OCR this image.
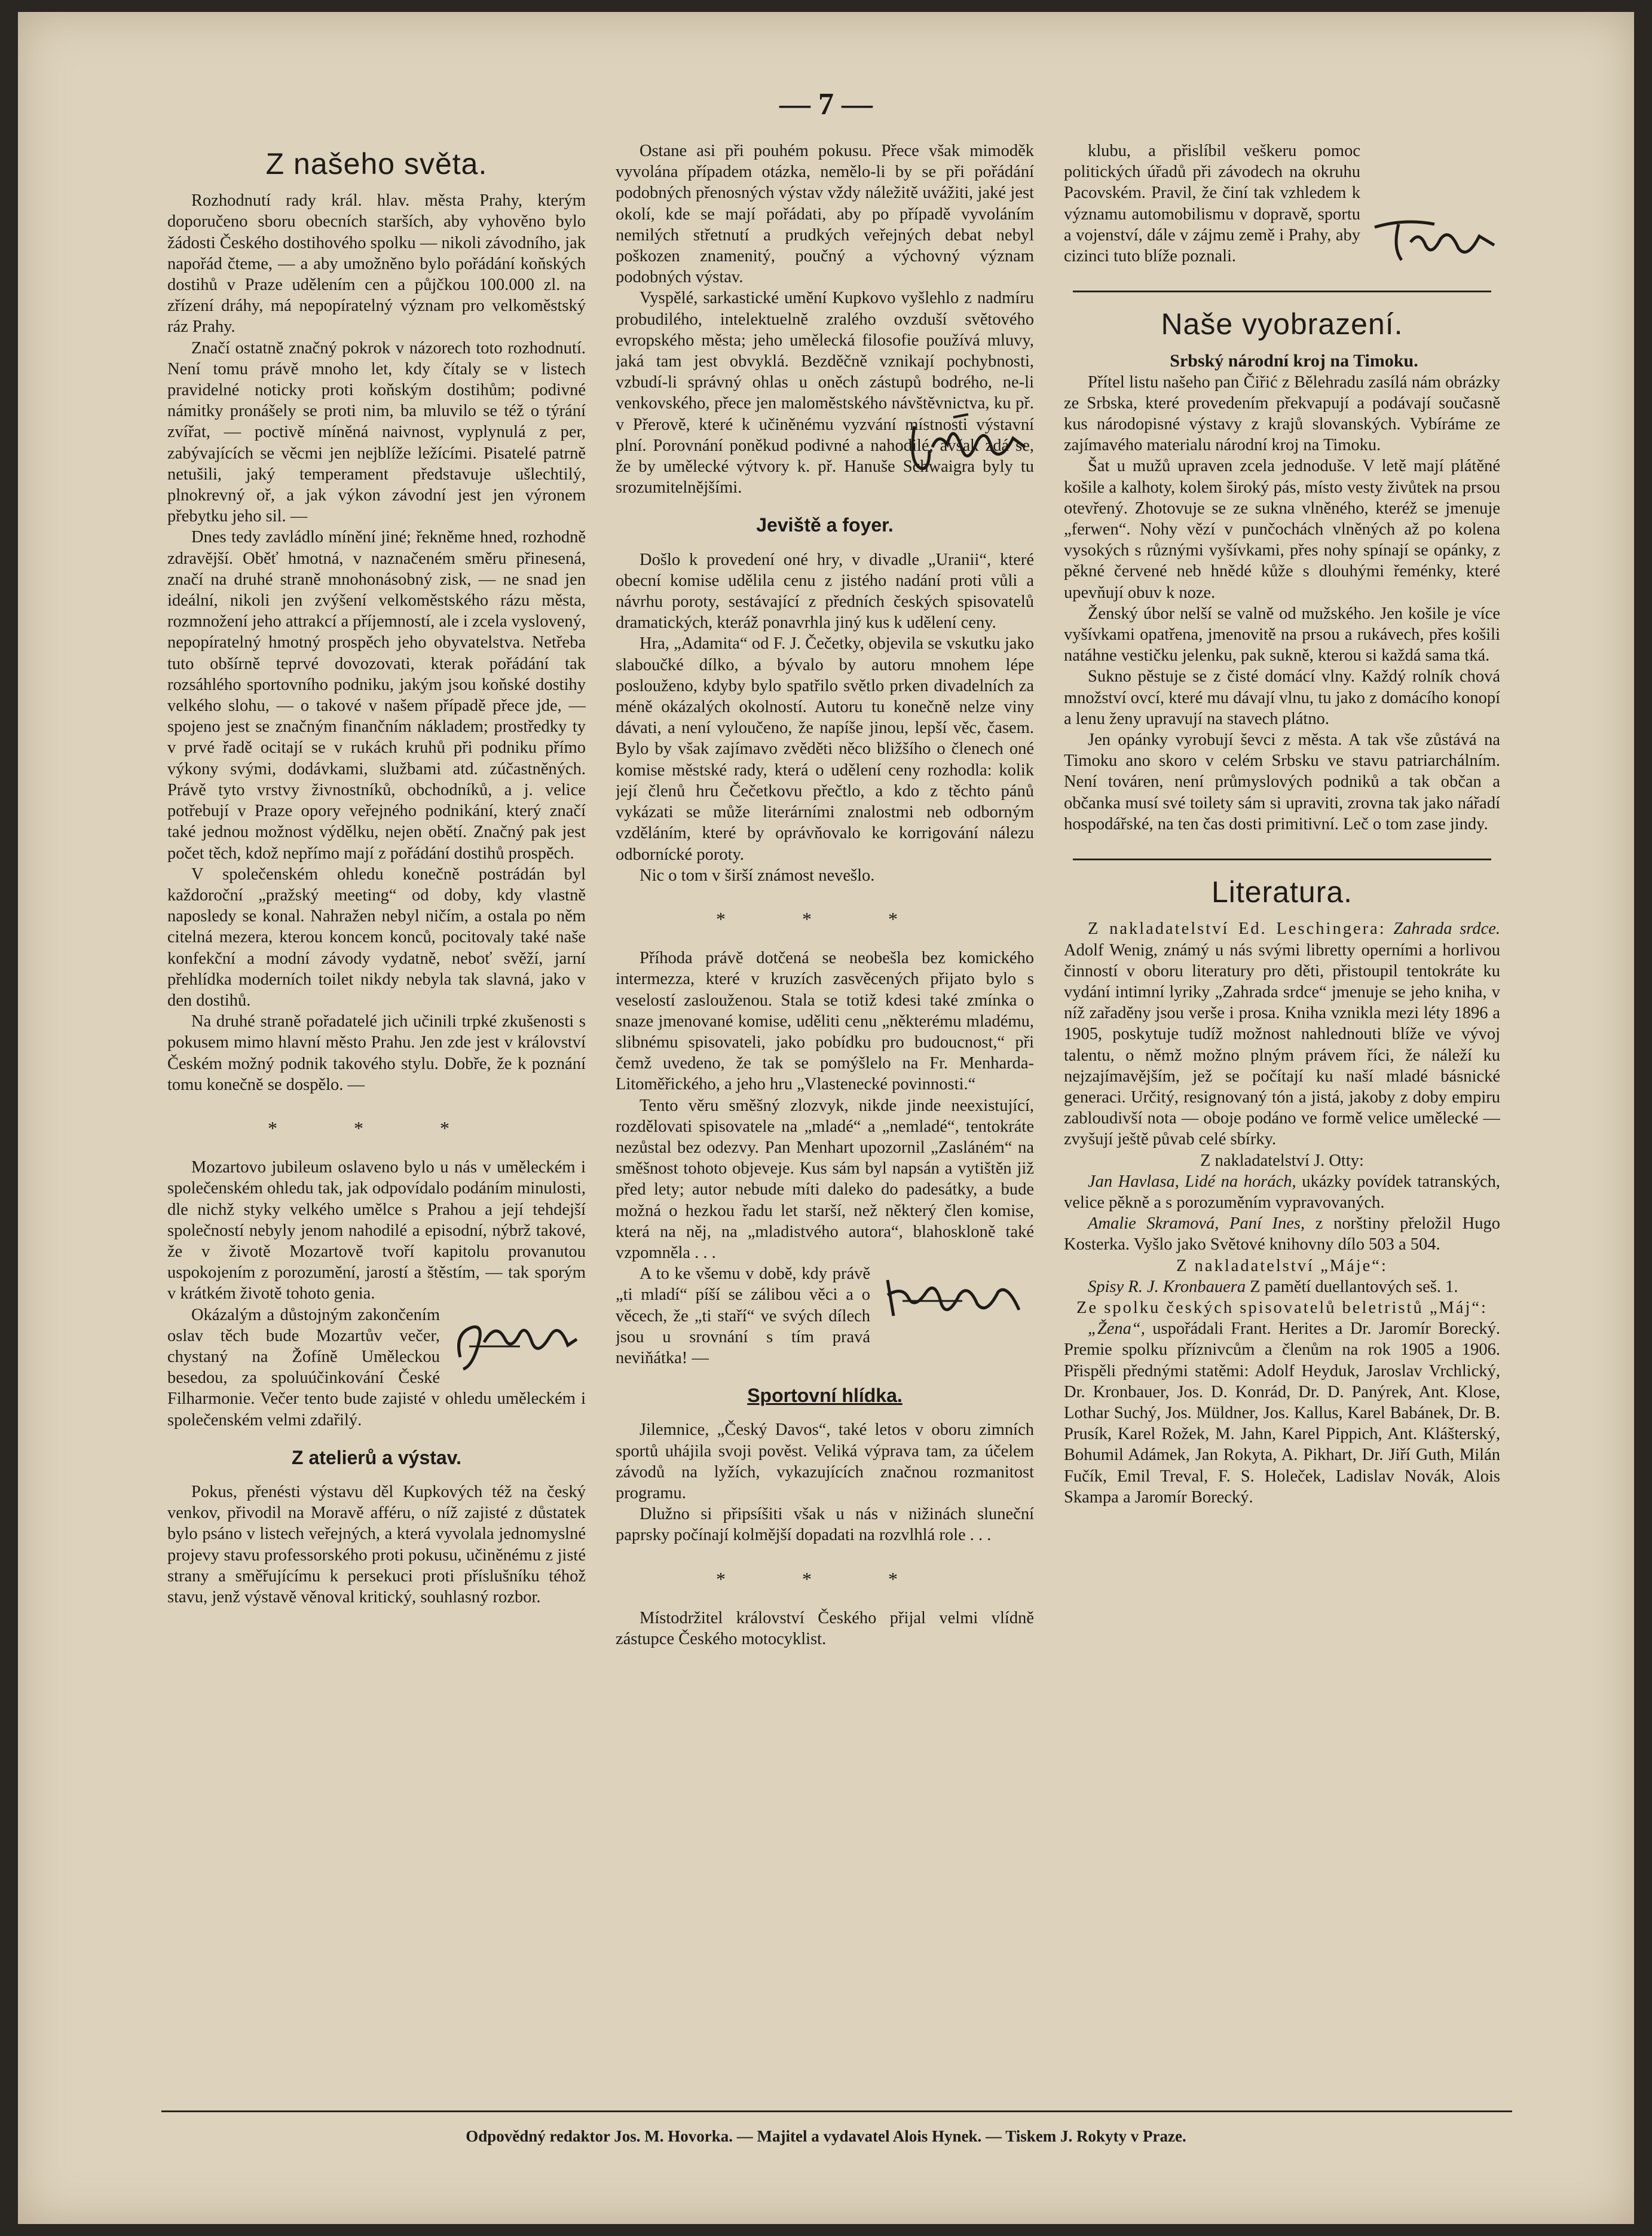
— 7 —
Z našeho světa.

Rozhodnutí rady král. hlav. města Prahy, kterým doporučeno sboru obecních starších, aby vyhověno bylo žádosti Českého dostihového spolku — nikoli závodního, jak napořád čteme, — a aby umožněno bylo pořádání koňských dostihů v Praze udělením cen a půjčkou 100.000 zl. na zřízení dráhy, má nepopíratelný význam pro velkoměstský ráz Prahy.

Značí ostatně značný pokrok v názorech toto rozhodnutí. Není tomu právě mnoho let, kdy čítaly se v listech pravidelné noticky proti koňským dostihům; podivné námitky pronášely se proti nim, ba mluvilo se též o týrání zvířat, — poctivě míněná naivnost, vyplynulá z per, zabývajících se věcmi jen nejblíže ležícími. Pisatelé patrně netušili, jaký temperament představuje ušlechtilý, plnokrevný oř, a jak výkon závodní jest jen výronem přebytku jeho sil. —

Dnes tedy zavládlo mínění jiné; řekněme hned, rozhodně zdravější. Oběť hmotná, v naznačeném směru přinesená, značí na druhé straně mnohonásobný zisk, — ne snad jen ideální, nikoli jen zvýšení velkoměstského rázu města, rozmnožení jeho attrakcí a příjemností, ale i zcela vyslovený, nepopíratelný hmotný prospěch jeho obyvatelstva. Netřeba tuto obšírně teprvé dovozovati, kterak pořádání tak rozsáhlého sportovního podniku, jakým jsou koňské dostihy velkého slohu, — o takové v našem případě přece jde, — spojeno jest se značným finančním nákladem; prostředky ty v prvé řadě ocitají se v rukách kruhů při podniku přímo výkony svými, dodávkami, službami atd. zúčastněných. Právě tyto vrstvy živnostníků, obchodníků, a j. velice potřebují v Praze opory veřejného podnikání, který značí také jednou možnost výdělku, nejen obětí. Značný pak jest počet těch, kdož nepřímo mají z pořádání dostihů prospěch.

V společenském ohledu konečně postrádán byl každoroční „pražský meeting“ od doby, kdy vlastně naposledy se konal. Nahražen nebyl ničím, a ostala po něm citelná mezera, kterou koncem konců, pocitovaly také naše konfekční a modní závody vydatně, neboť svěží, jarní přehlídka moderních toilet nikdy nebyla tak slavná, jako v den dostihů.

Na druhé straně pořadatelé jich učinili trpké zkušenosti s pokusem mimo hlavní město Prahu. Jen zde jest v království Českém možný podnik takového stylu. Dobře, že k poznání tomu konečně se dospělo. —

* * *

Mozartovo jubileum oslaveno bylo u nás v uměleckém i společenském ohledu tak, jak odpovídalo podáním minulosti, dle nichž styky velkého umělce s Prahou a její tehdejší společností nebyly jenom nahodilé a episodní, nýbrž takové, že v životě Mozartově tvoří kapitolu provanutou uspokojením z porozumění, jarostí a štěstím, — tak sporým v krátkém životě tohoto genia.

Okázalým a důstojným zakončením oslav těch bude Mozartův večer, chystaný na Žofíně Uměleckou besedou, za spoluúčinkování České Filharmonie. Večer tento bude zajisté v ohledu uměleckém i společenském velmi zdařilý.

Z atelierů a výstav.

Pokus, přenésti výstavu děl Kupkových též na český venkov, přivodil na Moravě afféru, o níž zajisté z důstatek bylo psáno v listech veřejných, a která vyvolala jednomyslné projevy stavu professorského proti pokusu, učiněnému z jisté strany a směřujícímu k persekuci proti příslušníku téhož stavu, jenž výstavě věnoval kritický, souhlasný rozbor.

Ostane asi při pouhém pokusu. Přece však mimoděk vyvolána případem otázka, nemělo-li by se při pořádání podobných přenosných výstav vždy náležitě uvážiti, jaké jest okolí, kde se mají pořádati, aby po případě vyvoláním nemilých střetnutí a prudkých veřejných debat nebyl poškozen znamenitý, poučný a výchovný význam podobných výstav.

Vyspělé, sarkastické umění Kupkovo vyšlehlo z nadmíru probudilého, intelektuelně zralého ovzduší světového evropského města; jeho umělecká filosofie používá mluvy, jaká tam jest obvyklá. Bezděčně vznikají pochybnosti, vzbudí-li správný ohlas u oněch zástupů bodrého, ne-li venkovského, přece jen maloměstského návštěvnictva, ku př. v Přerově, které k učiněnému vyzvání místnosti výstavní plní. Porovnání poněkud podivné a nahodilé, avšak zdá se, že by umělecké výtvory k. př. Hanuše Schwaigra byly tu srozumitelnějšími.

Jeviště a foyer.

Došlo k provedení oné hry, v divadle „Uranii“, které obecní komise udělila cenu z jistého nadání proti vůli a návrhu poroty, sestávající z předních českých spisovatelů dramatických, kteráž ponavrhla jiný kus k udělení ceny.

Hra, „Adamita“ od F. J. Čečetky, objevila se vskutku jako slaboučké dílko, a bývalo by autoru mnohem lépe poslouženo, kdyby bylo spatřilo světlo prken divadelních za méně okázalých okolností. Autoru tu konečně nelze viny dávati, a není vyloučeno, že napíše jinou, lepší věc, časem. Bylo by však zajímavo zvěděti něco bližšího o členech oné komise městské rady, která o udělení ceny rozhodla: kolik její členů hru Čečetkovu přečtlo, a kdo z těchto pánů vykázati se může literárními znalostmi neb odborným vzděláním, které by oprávňovalo ke korrigování nálezu odbornícké poroty.

Nic o tom v širší známost nevešlo.

* * *

Příhoda právě dotčená se neobešla bez komického intermezza, které v kruzích zasvěcených přijato bylo s veselostí zaslouženou. Stala se totiž kdesi také zmínka o snaze jmenované komise, uděliti cenu „některému mladému, slibnému spisovateli, jako pobídku pro budoucnost,“ při čemž uvedeno, že tak se pomýšlelo na Fr. Menharda-Litoměřického, a jeho hru „Vlastenecké povinnosti.“

Tento věru směšný zlozvyk, nikde jinde neexistující, rozdělovati spisovatele na „mladé“ a „nemladé“, tentokráte nezůstal bez odezvy. Pan Menhart upozornil „Zasláném“ na směšnost tohoto objeveje. Kus sám byl napsán a vytištěn již před lety; autor nebude míti daleko do padesátky, a bude možná o hezkou řadu let starší, než některý člen komise, která na něj, na „mladistvého autora“, blahoskloně také vzpomněla . . .

A to ke všemu v době, kdy právě „ti mladí“ píší se zálibou věci a o věcech, že „ti staří“ ve svých dílech jsou u srovnání s tím pravá neviňátka! —

Sportovní hlídka.

Jilemnice, „Český Davos“, také letos v oboru zimních sportů uhájila svoji pověst. Veliká výprava tam, za účelem závodů na lyžích, vykazujících značnou rozmanitost programu.

Dlužno si připsíšiti však u nás v nižinách sluneční paprsky počínají kolmější dopadati na rozvlhlá role . . .

* * *

Místodržitel království Českého přijal velmi vlídně zástupce Českého motocyklist.

klubu, a přislíbil veškeru pomoc politických úřadů při závodech na okruhu Pacovském. Pravil, že činí tak vzhledem k významu automobilismu v dopravě, sportu a vojenství, dále v zájmu země i Prahy, aby cizinci tuto blíže poznali.

Naše vyobrazení.

Srbský národní kroj na Timoku.

Přítel listu našeho pan Čiřić z Bělehradu zasílá nám obrázky ze Srbska, které provedením překvapují a podávají současně kus národopisné výstavy z krajů slovanských. Vybíráme ze zajímavého materialu národní kroj na Timoku.

Šat u mužů upraven zcela jednoduše. V letě mají plátěné košile a kalhoty, kolem široký pás, místo vesty živůtek na prsou otevřený. Zhotovuje se ze sukna vlněného, kteréž se jmenuje „ferwen“. Nohy vězí v punčochách vlněných až po kolena vysokých s různými vyšívkami, přes nohy spínají se opánky, z pěkné červené neb hnědé kůže s dlouhými řeménky, které upevňují obuv k noze.

Ženský úbor nelší se valně od mužského. Jen košile je více vyšívkami opatřena, jmenovitě na prsou a rukávech, přes košili natáhne vestičku jelenku, pak sukně, kterou si každá sama tká.

Sukno pěstuje se z čisté domácí vlny. Každý rolník chová množství ovcí, které mu dávají vlnu, tu jako z domácího konopí a lenu ženy upravují na stavech plátno.

Jen opánky vyrobují ševci z města. A tak vše zůstává na Timoku ano skoro v celém Srbsku ve stavu patriarchálním. Není továren, není průmyslových podniků a tak občan a občanka musí své toilety sám si upraviti, zrovna tak jako nářadí hospodářské, na ten čas dosti primitivní. Leč o tom zase jindy.

Literatura.

Z nakladatelství Ed. Leschingera: Zahrada srdce. Adolf Wenig, známý u nás svými libretty operními a horlivou činností v oboru literatury pro děti, přistoupil tentokráte ku vydání intimní lyriky „Zahrada srdce“ jmenuje se jeho kniha, v níž zařaděny jsou verše i prosa. Kniha vznikla mezi léty 1896 a 1905, poskytuje tudíž možnost nahlednouti blíže ve vývoj talentu, o němž možno plným právem říci, že náleží ku nejzajímavějším, jež se počítají ku naší mladé básnické generaci. Určitý, resignovaný tón a jistá, jakoby z doby empiru zabloudivší nota — oboje podáno ve formě velice umělecké — zvyšují ještě půvab celé sbírky.

Z nakladatelství J. Otty:

Jan Havlasa, Lidé na horách, ukázky povídek tatranských, velice pěkně a s porozuměním vypravovaných.

Amalie Skramová, Paní Ines, z norštiny přeložil Hugo Kosterka. Vyšlo jako Světové knihovny dílo 503 a 504.

Z nakladatelství „Máje“:

Spisy R. J. Kronbauera Z pamětí duellantových seš. 1.

Ze spolku českých spisovatelů beletristů „Máj“:

„Žena“, uspořádali Frant. Herites a Dr. Jaromír Borecký. Premie spolku příznivcům a členům na rok 1905 a 1906. Přispěli přednými statěmi: Adolf Heyduk, Jaroslav Vrchlický, Dr. Kronbauer, Jos. D. Konrád, Dr. D. Panýrek, Ant. Klose, Lothar Suchý, Jos. Müldner, Jos. Kallus, Karel Babánek, Dr. B. Prusík, Karel Rožek, M. Jahn, Karel Pippich, Ant. Klášterský, Bohumil Adámek, Jan Rokyta, A. Pikhart, Dr. Jiří Guth, Milán Fučík, Emil Treval, F. S. Holeček, Ladislav Novák, Alois Skampa a Jaromír Borecký.

Odpovědný redaktor Jos. M. Hovorka. — Majitel a vydavatel Alois Hynek. — Tiskem J. Rokyty v Praze.
